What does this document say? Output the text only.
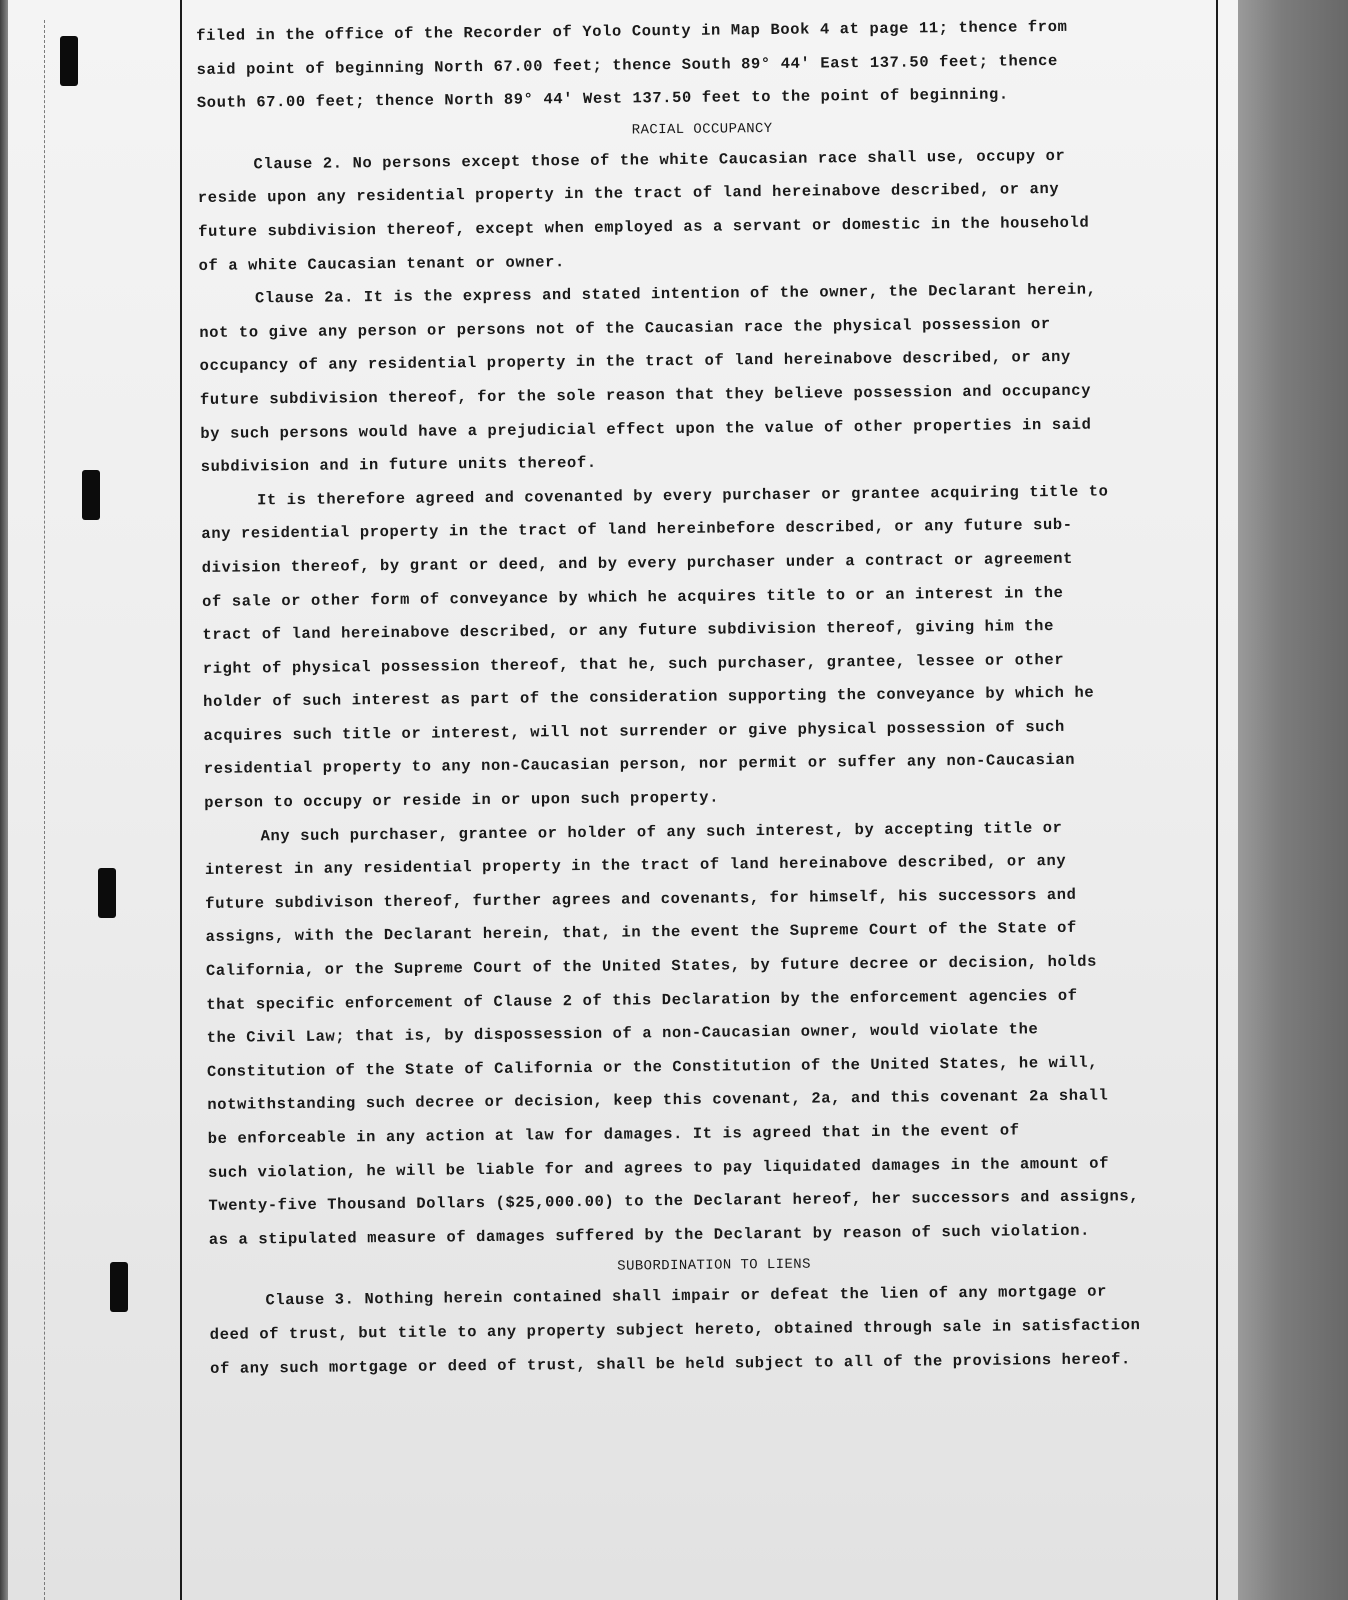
filed in the office of the Recorder of Yolo County in Map Book 4 at page 11; thence from
said point of beginning North 67.00 feet; thence South 89° 44' East 137.50 feet; thence
South 67.00 feet; thence North 89° 44' West 137.50 feet to the point of beginning.

RACIAL OCCUPANCY

Clause 2. No persons except those of the white Caucasian race shall use, occupy or
reside upon any residential property in the tract of land hereinabove described, or any
future subdivision thereof, except when employed as a servant or domestic in the household
of a white Caucasian tenant or owner.

Clause 2a. It is the express and stated intention of the owner, the Declarant herein,
not to give any person or persons not of the Caucasian race the physical possession or
occupancy of any residential property in the tract of land hereinabove described, or any
future subdivision thereof, for the sole reason that they believe possession and occupancy
by such persons would have a prejudicial effect upon the value of other properties in said
subdivision and in future units thereof.

It is therefore agreed and covenanted by every purchaser or grantee acquiring title to
any residential property in the tract of land hereinbefore described, or any future sub-
division thereof, by grant or deed, and by every purchaser under a contract or agreement
of sale or other form of conveyance by which he acquires title to or an interest in the
tract of land hereinabove described, or any future subdivision thereof, giving him the
right of physical possession thereof, that he, such purchaser, grantee, lessee or other
holder of such interest as part of the consideration supporting the conveyance by which he
acquires such title or interest, will not surrender or give physical possession of such
residential property to any non-Caucasian person, nor permit or suffer any non-Caucasian
person to occupy or reside in or upon such property.

Any such purchaser, grantee or holder of any such interest, by accepting title or
interest in any residential property in the tract of land hereinabove described, or any
future subdivison thereof, further agrees and covenants, for himself, his successors and
assigns, with the Declarant herein, that, in the event the Supreme Court of the State of
California, or the Supreme Court of the United States, by future decree or decision, holds
that specific enforcement of Clause 2 of this Declaration by the enforcement agencies of
the Civil Law; that is, by dispossession of a non-Caucasian owner, would violate the
Constitution of the State of California or the Constitution of the United States, he will,
notwithstanding such decree or decision, keep this covenant, 2a, and this covenant 2a shall
be enforceable in any action at law for damages. It is agreed that in the event of
such violation, he will be liable for and agrees to pay liquidated damages in the amount of
Twenty-five Thousand Dollars ($25,000.00) to the Declarant hereof, her successors and assigns,
as a stipulated measure of damages suffered by the Declarant by reason of such violation.

SUBORDINATION TO LIENS

Clause 3. Nothing herein contained shall impair or defeat the lien of any mortgage or
deed of trust, but title to any property subject hereto, obtained through sale in satisfaction
of any such mortgage or deed of trust, shall be held subject to all of the provisions hereof.
